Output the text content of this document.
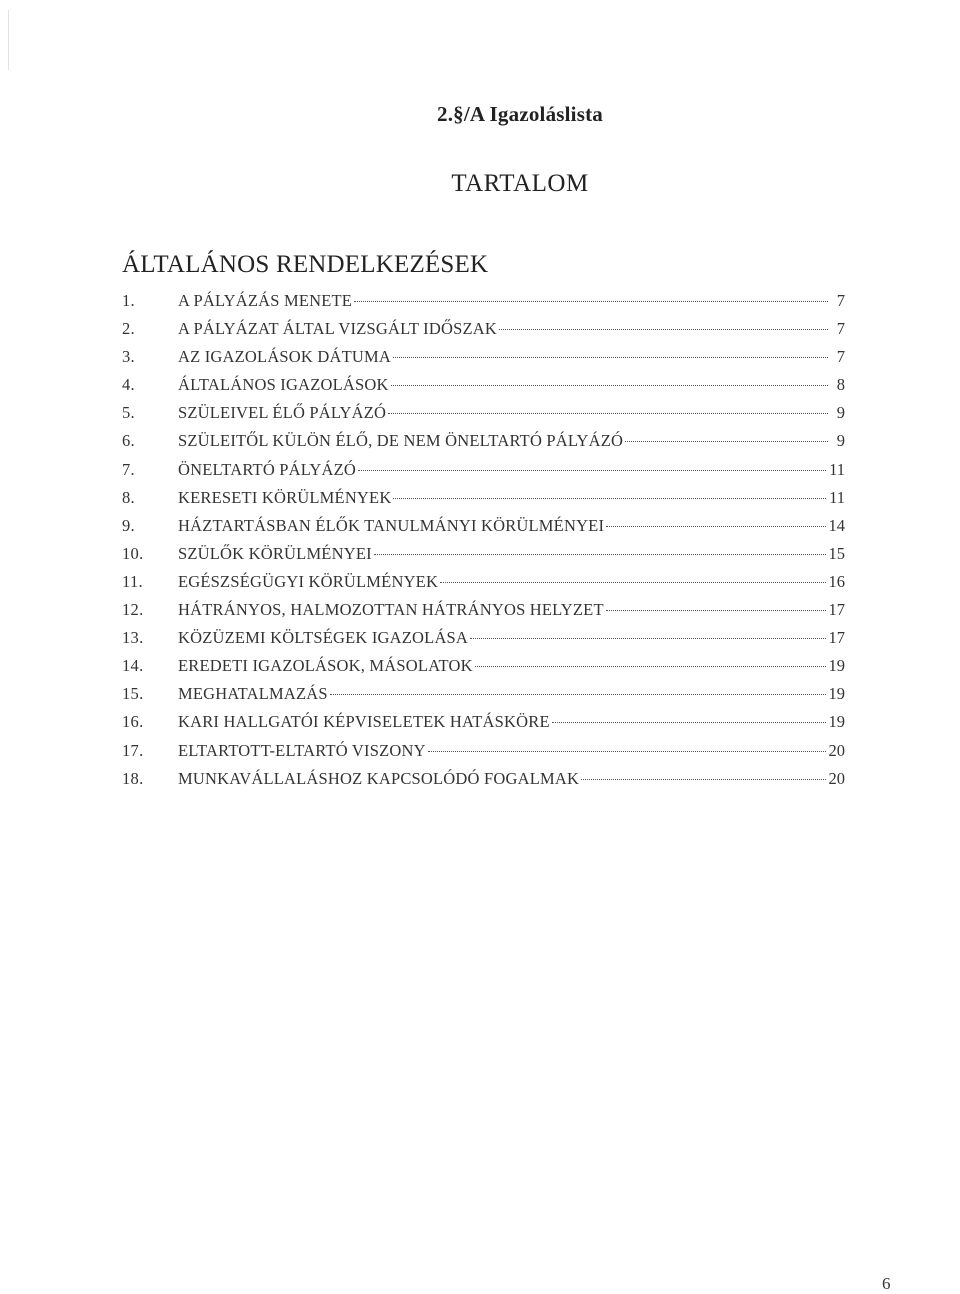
2.§/A Igazoláslista
TARTALOM
ÁLTALÁNOS RENDELKEZÉSEK
1.	A PÁLYÁZÁS MENETE	7
2.	A PÁLYÁZAT ÁLTAL VIZSGÁLT IDŐSZAK	7
3.	AZ IGAZOLÁSOK DÁTUMA	7
4.	ÁLTALÁNOS IGAZOLÁSOK	8
5.	SZÜLEIVEL ÉLŐ PÁLYÁZÓ	9
6.	SZÜLEITŐL KÜLÖN ÉLŐ, DE NEM ÖNELTARTÓ PÁLYÁZÓ	9
7.	ÖNELTARTÓ PÁLYÁZÓ	11
8.	KERESETI KÖRÜLMÉNYEK	11
9.	HÁZTARTÁSBAN ÉLŐK TANULMÁNYI KÖRÜLMÉNYEI	14
10.	SZÜLŐK KÖRÜLMÉNYEI	15
11.	EGÉSZSÉGÜGYI KÖRÜLMÉNYEK	16
12.	HÁTRÁNYOS, HALMOZOTTAN HÁTRÁNYOS HELYZET	17
13.	KÖZÜZEMI KÖLTSÉGEK IGAZOLÁSA	17
14.	EREDETI IGAZOLÁSOK, MÁSOLATOK	19
15.	MEGHATALMAZÁS	19
16.	KARI HALLGATÓI KÉPVISELETEK HATÁSKÖRE	19
17.	ELTARTOTT-ELTARTÓ VISZONY	20
18.	MUNKAVÁLLALÁSHOZ KAPCSOLÓDÓ FOGALMAK	20
6
